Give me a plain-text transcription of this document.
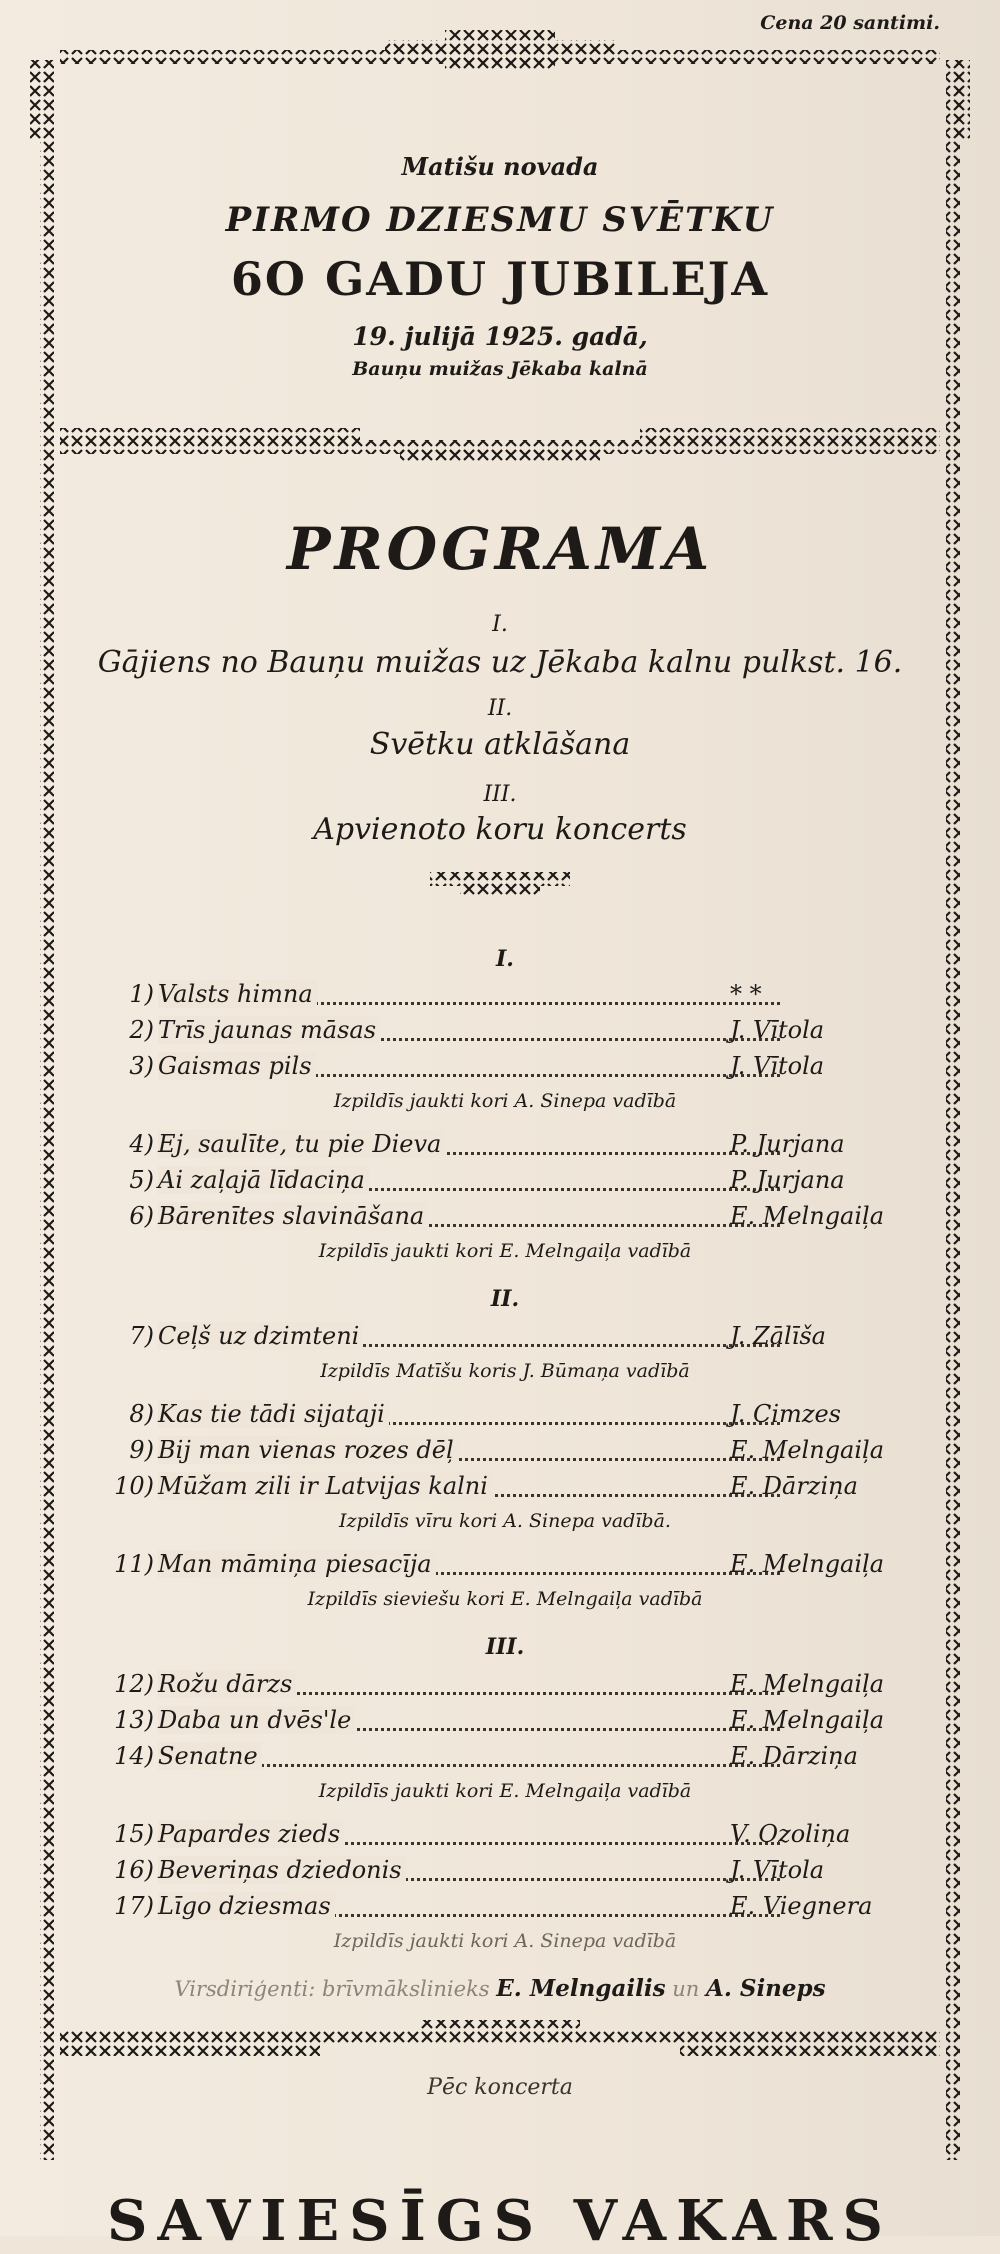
Cena 20 santimi.
Matišu novada
PIRMO DZIESMU SVĒTKU
6O GADU JUBILEJA
19. julijā 1925. gadā,
Bauņu muižas Jēkaba kalnā
PROGRAMA
I.
Gājiens no Bauņu muižas uz Jēkaba kalnu pulkst. 16.
II.
Svētku atklāšana
III.
Apvienoto koru koncerts
I.
1) Valsts himna	* *
2) Trīs jaunas māsas	J. Vītola
3) Gaismas pils	J. Vītola
Izpildīs jaukti kori A. Sinepa vadībā
4) Ej, saulīte, tu pie Dieva	P. Jurjana
5) Ai zaļajā līdaciņa	P. Jurjana
6) Bārenītes slavināšana	E. Melngaiļa
Izpildīs jaukti kori E. Melngaiļa vadībā
II.
7) Ceļš uz dzimteni	J. Zālīša
Izpildīs Matīšu koris J. Būmaņa vadībā
8) Kas tie tādi sijataji	J. Cimzes
9) Bij man vienas rozes dēļ	E. Melngaiļa
10) Mūžam zili ir Latvijas kalni	E. Dārziņa
Izpildīs vīru kori A. Sinepa vadībā.
11) Man māmiņa piesacīja	E. Melngaiļa
Izpildīs sieviešu kori E. Melngaiļa vadībā
III.
12) Rožu dārzs	E. Melngaiļa
13) Daba un dvēs'le	E. Melngaiļa
14) Senatne	E. Dārziņa
Izpildīs jaukti kori E. Melngaiļa vadībā
15) Papardes zieds	V. Ozoliņa
16) Beveriņas dziedonis	J. Vītola
17) Līgo dziesmas	E. Viegnera
Izpildīs jaukti kori A. Sinepa vadībā
Virsdiriģenti: brīvmākslinieks E. Melngailis un A. Sineps
Pēc koncerta
SAVIESĪGS VAKARS
